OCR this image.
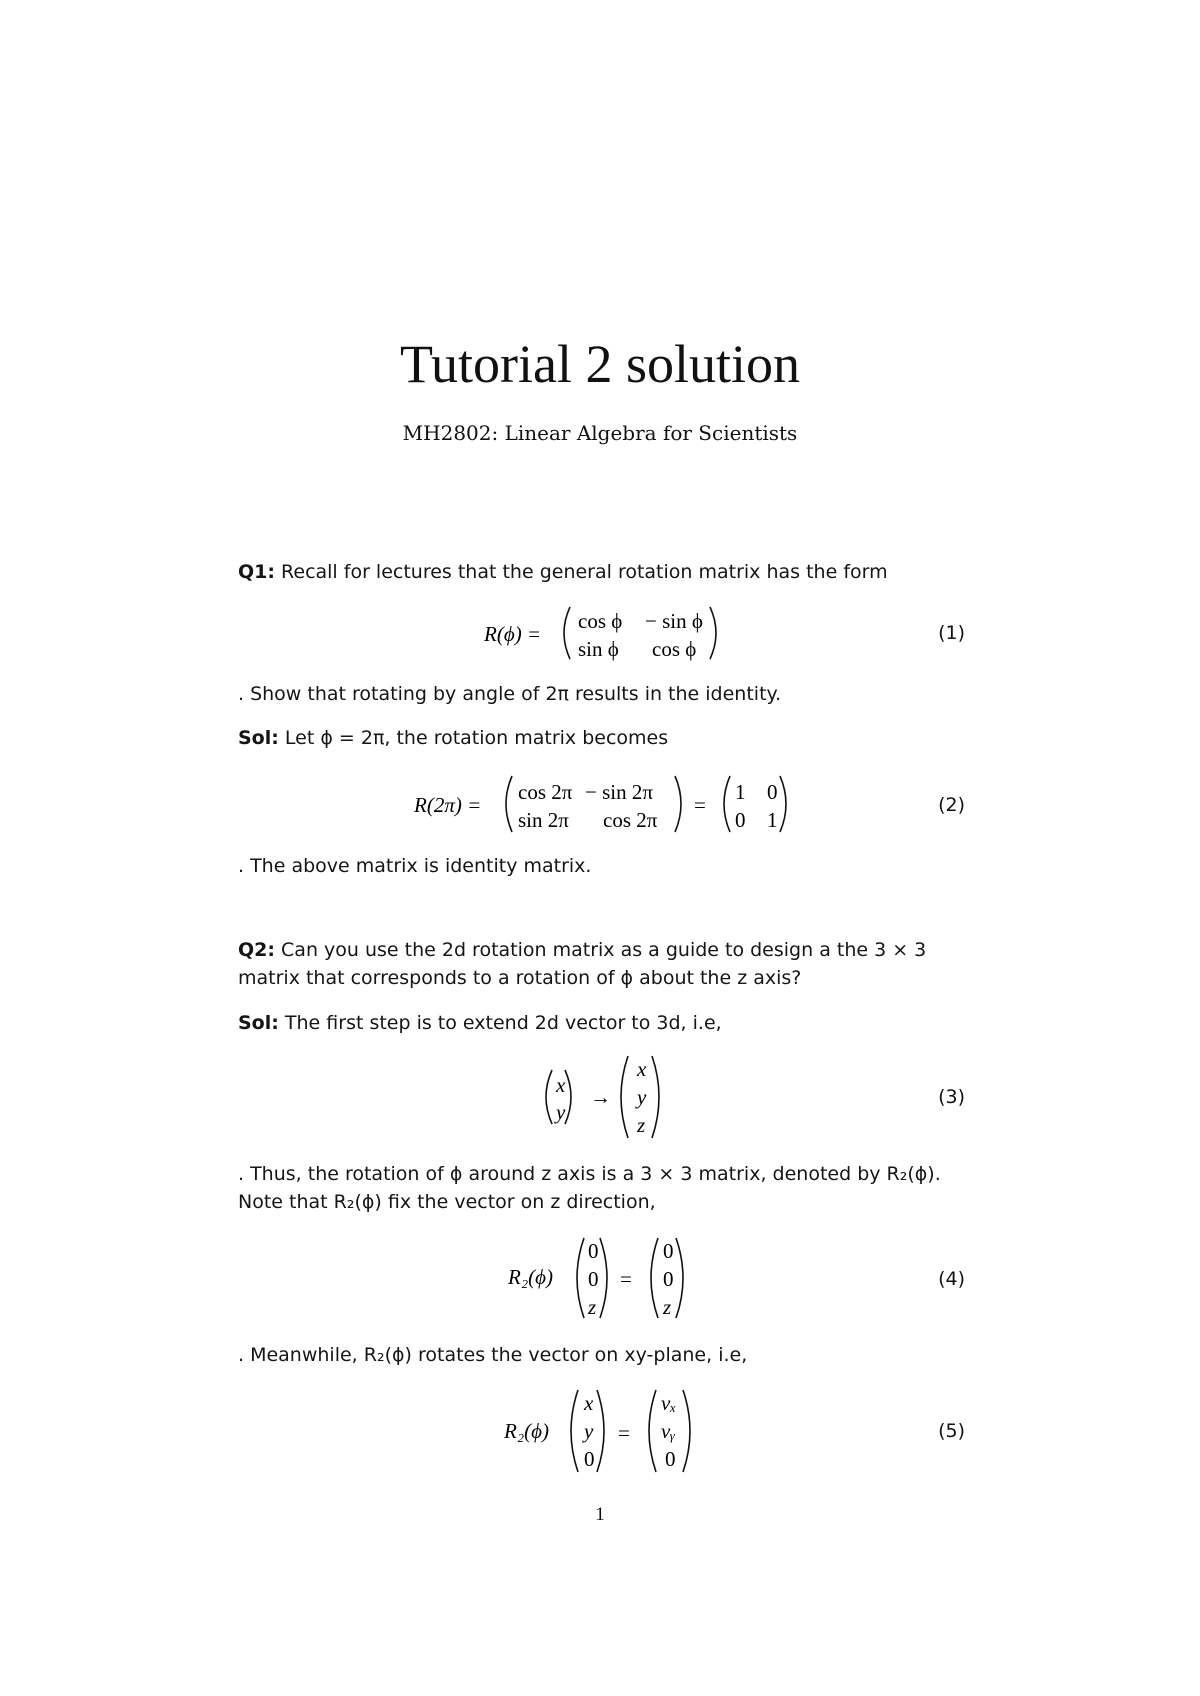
Tutorial 2 solution
MH2802: Linear Algebra for Scientists
Q1: Recall for lectures that the general rotation matrix has the form
R(ϕ) =
cos ϕ − sin ϕ
sin ϕ cos ϕ
(1)
. Show that rotating by angle of 2π results in the identity.
Sol: Let ϕ = 2π, the rotation matrix becomes
R(2π) =
cos 2π − sin 2π
sin 2π cos 2π
=
1 0
0 1
(2)
. The above matrix is identity matrix.
Q2: Can you use the 2d rotation matrix as a guide to design a the 3 × 3
matrix that corresponds to a rotation of ϕ about the z axis?
Sol: The first step is to extend 2d vector to 3d, i.e,
x
y
→
x
y
z
(3)
. Thus, the rotation of ϕ around z axis is a 3 × 3 matrix, denoted by R₂(ϕ).
Note that R₂(ϕ) fix the vector on z direction,
R₂(ϕ)
0
0
z
=
0
0
z
(4)
. Meanwhile, R₂(ϕ) rotates the vector on xy-plane, i.e,
R₂(ϕ)
x
y
0
=
vₓ
vᵧ
0
(5)
1
